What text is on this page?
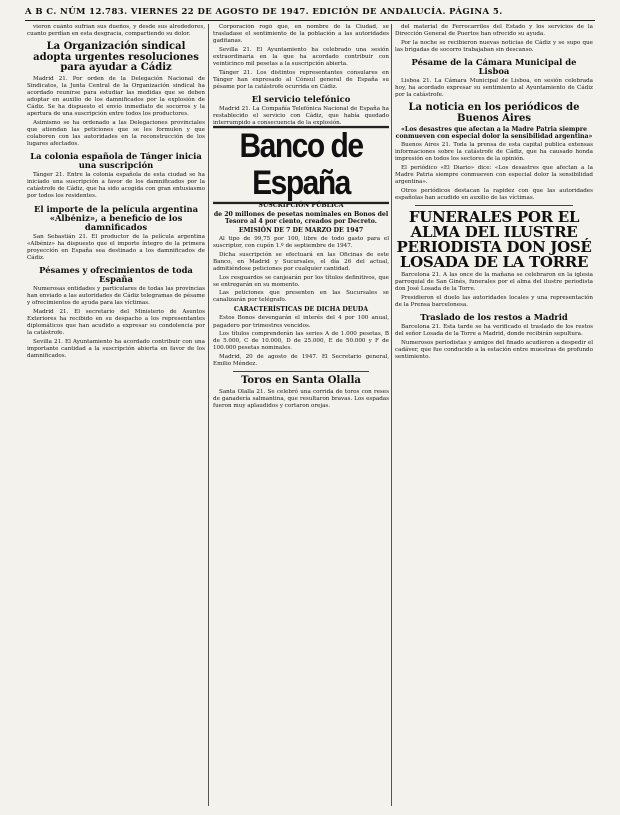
A B C. NÚM 12.783. VIERNES 22 DE AGOSTO DE 1947. EDICIÓN DE ANDALUCÍA. PÁGINA 5.

vieron cuánto sufrían sus dueños, y desde sus alrededores, cuanto perdían en esta desgracia, compartiendo su dolor.

La Organización sindical adopta urgentes resoluciones para ayudar a Cádiz

Madrid 21. Por orden de la Delegación Nacional de Sindicatos, la Junta Central de la Organización sindical ha acordado reunirse para estudiar las medidas que se deben adoptar en auxilio de los damnificados por la explosión de Cádiz. Se ha dispuesto el envío inmediato de socorros y la apertura de una suscripción entre todos los productores.

Asimismo se ha ordenado a las Delegaciones provinciales que atiendan las peticiones que se les formulen y que colaboren con las autoridades en la reconstrucción de los lugares afectados.

La colonia española de Tánger inicia una suscripción

Tánger 21. Entre la colonia española de esta ciudad se ha iniciado una suscripción a favor de los damnificados por la catástrofe de Cádiz, que ha sido acogida con gran entusiasmo por todos los residentes.

El importe de la película argentina «Albéniz», a beneficio de los damnificados

San Sebastián 21. El productor de la película argentina «Albéniz» ha dispuesto que el importe íntegro de la primera proyección en España sea destinado a los damnificados de Cádiz.

Pésames y ofrecimientos de toda España

Numerosas entidades y particulares de todas las provincias han enviado a las autoridades de Cádiz telegramas de pésame y ofrecimientos de ayuda para las víctimas.

Madrid 21. El secretario del Ministerio de Asuntos Exteriores ha recibido en su despacho a los representantes diplomáticos que han acudido a expresar su condolencia por la catástrofe.

Sevilla 21. El Ayuntamiento ha acordado contribuir con una importante cantidad a la suscripción abierta en favor de los damnificados.

Corporación rogó que, en nombre de la Ciudad, se trasladase el sentimiento de la población a las autoridades gaditanas.

Sevilla 21. El Ayuntamiento ha celebrado una sesión extraordinaria en la que ha acordado contribuir con veinticinco mil pesetas a la suscripción abierta.

Tánger 21. Los distintos representantes consulares en Tánger han expresado al Cónsul general de España su pésame por la catástrofe ocurrida en Cádiz.

El servicio telefónico

Madrid 21. La Compañía Telefónica Nacional de España ha restablecido el servicio con Cádiz, que había quedado interrumpido a consecuencia de la explosión.

Banco de España

SUSCRIPCIÓN PÚBLICA

de 20 millones de pesetas nominales en Bonos del Tesoro al 4 por ciento, creados por Decreto.

EMISIÓN DE 7 DE MARZO DE 1947

Al tipo de 99,75 por 100, libre de todo gasto para el suscriptor, con cupón 1.º de septiembre de 1947.

Dicha suscripción se efectuará en las Oficinas de este Banco, en Madrid y Sucursales, el día 26 del actual, admitiéndose peticiones por cualquier cantidad.

Los resguardos se canjearán por los títulos definitivos, que se entregarán en su momento.

Las peticiones que presenten en las Sucursales se canalizarán por telégrafo.

CARACTERÍSTICAS DE DICHA DEUDA

Estos Bonos devengarán el interés del 4 por 100 anual, pagadero por trimestres vencidos.

Los títulos comprenderán las series A de 1.000 pesetas, B de 5.000, C de 10.000, D de 25.000, E de 50.000 y F de 100.000 pesetas nominales.

Madrid, 20 de agosto de 1947. El Secretario general, Emilio Méndez.

Toros en Santa Olalla

Santa Olalla 21. Se celebró una corrida de toros con reses de ganadería salmantina, que resultaron bravas. Los espadas fueron muy aplaudidos y cortaron orejas.

del material de Ferrocarriles del Estado y los servicios de la Dirección General de Puertos han ofrecido su ayuda.

Por la noche se recibieron nuevas noticias de Cádiz y se supo que las brigadas de socorro trabajaban sin descanso.

Pésame de la Cámara Municipal de Lisboa

Lisboa 21. La Cámara Municipal de Lisboa, en sesión celebrada hoy, ha acordado expresar su sentimiento al Ayuntamiento de Cádiz por la catástrofe.

La noticia en los periódicos de Buenos Aires

«Los desastres que afectan a la Madre Patria siempre conmueven con especial dolor la sensibilidad argentina»

Buenos Aires 21. Toda la prensa de esta capital publica extensas informaciones sobre la catástrofe de Cádiz, que ha causado honda impresión en todos los sectores de la opinión.

El periódico «El Diario» dice: «Los desastres que afectan a la Madre Patria siempre conmueven con especial dolor la sensibilidad argentina».

Otros periódicos destacan la rapidez con que las autoridades españolas han acudido en auxilio de las víctimas.

FUNERALES POR EL ALMA DEL ILUSTRE PERIODISTA DON JOSÉ LOSADA DE LA TORRE

Barcelona 21. A las once de la mañana se celebraron en la iglesia parroquial de San Ginés, funerales por el alma del ilustre periodista don José Losada de la Torre.

Presidieron el duelo las autoridades locales y una representación de la Prensa barcelonesa.

Traslado de los restos a Madrid

Barcelona 21. Esta tarde se ha verificado el traslado de los restos del señor Losada de la Torre a Madrid, donde recibirán sepultura.

Numerosos periodistas y amigos del finado acudieron a despedir el cadáver, que fue conducido a la estación entre muestras de profundo sentimiento.
